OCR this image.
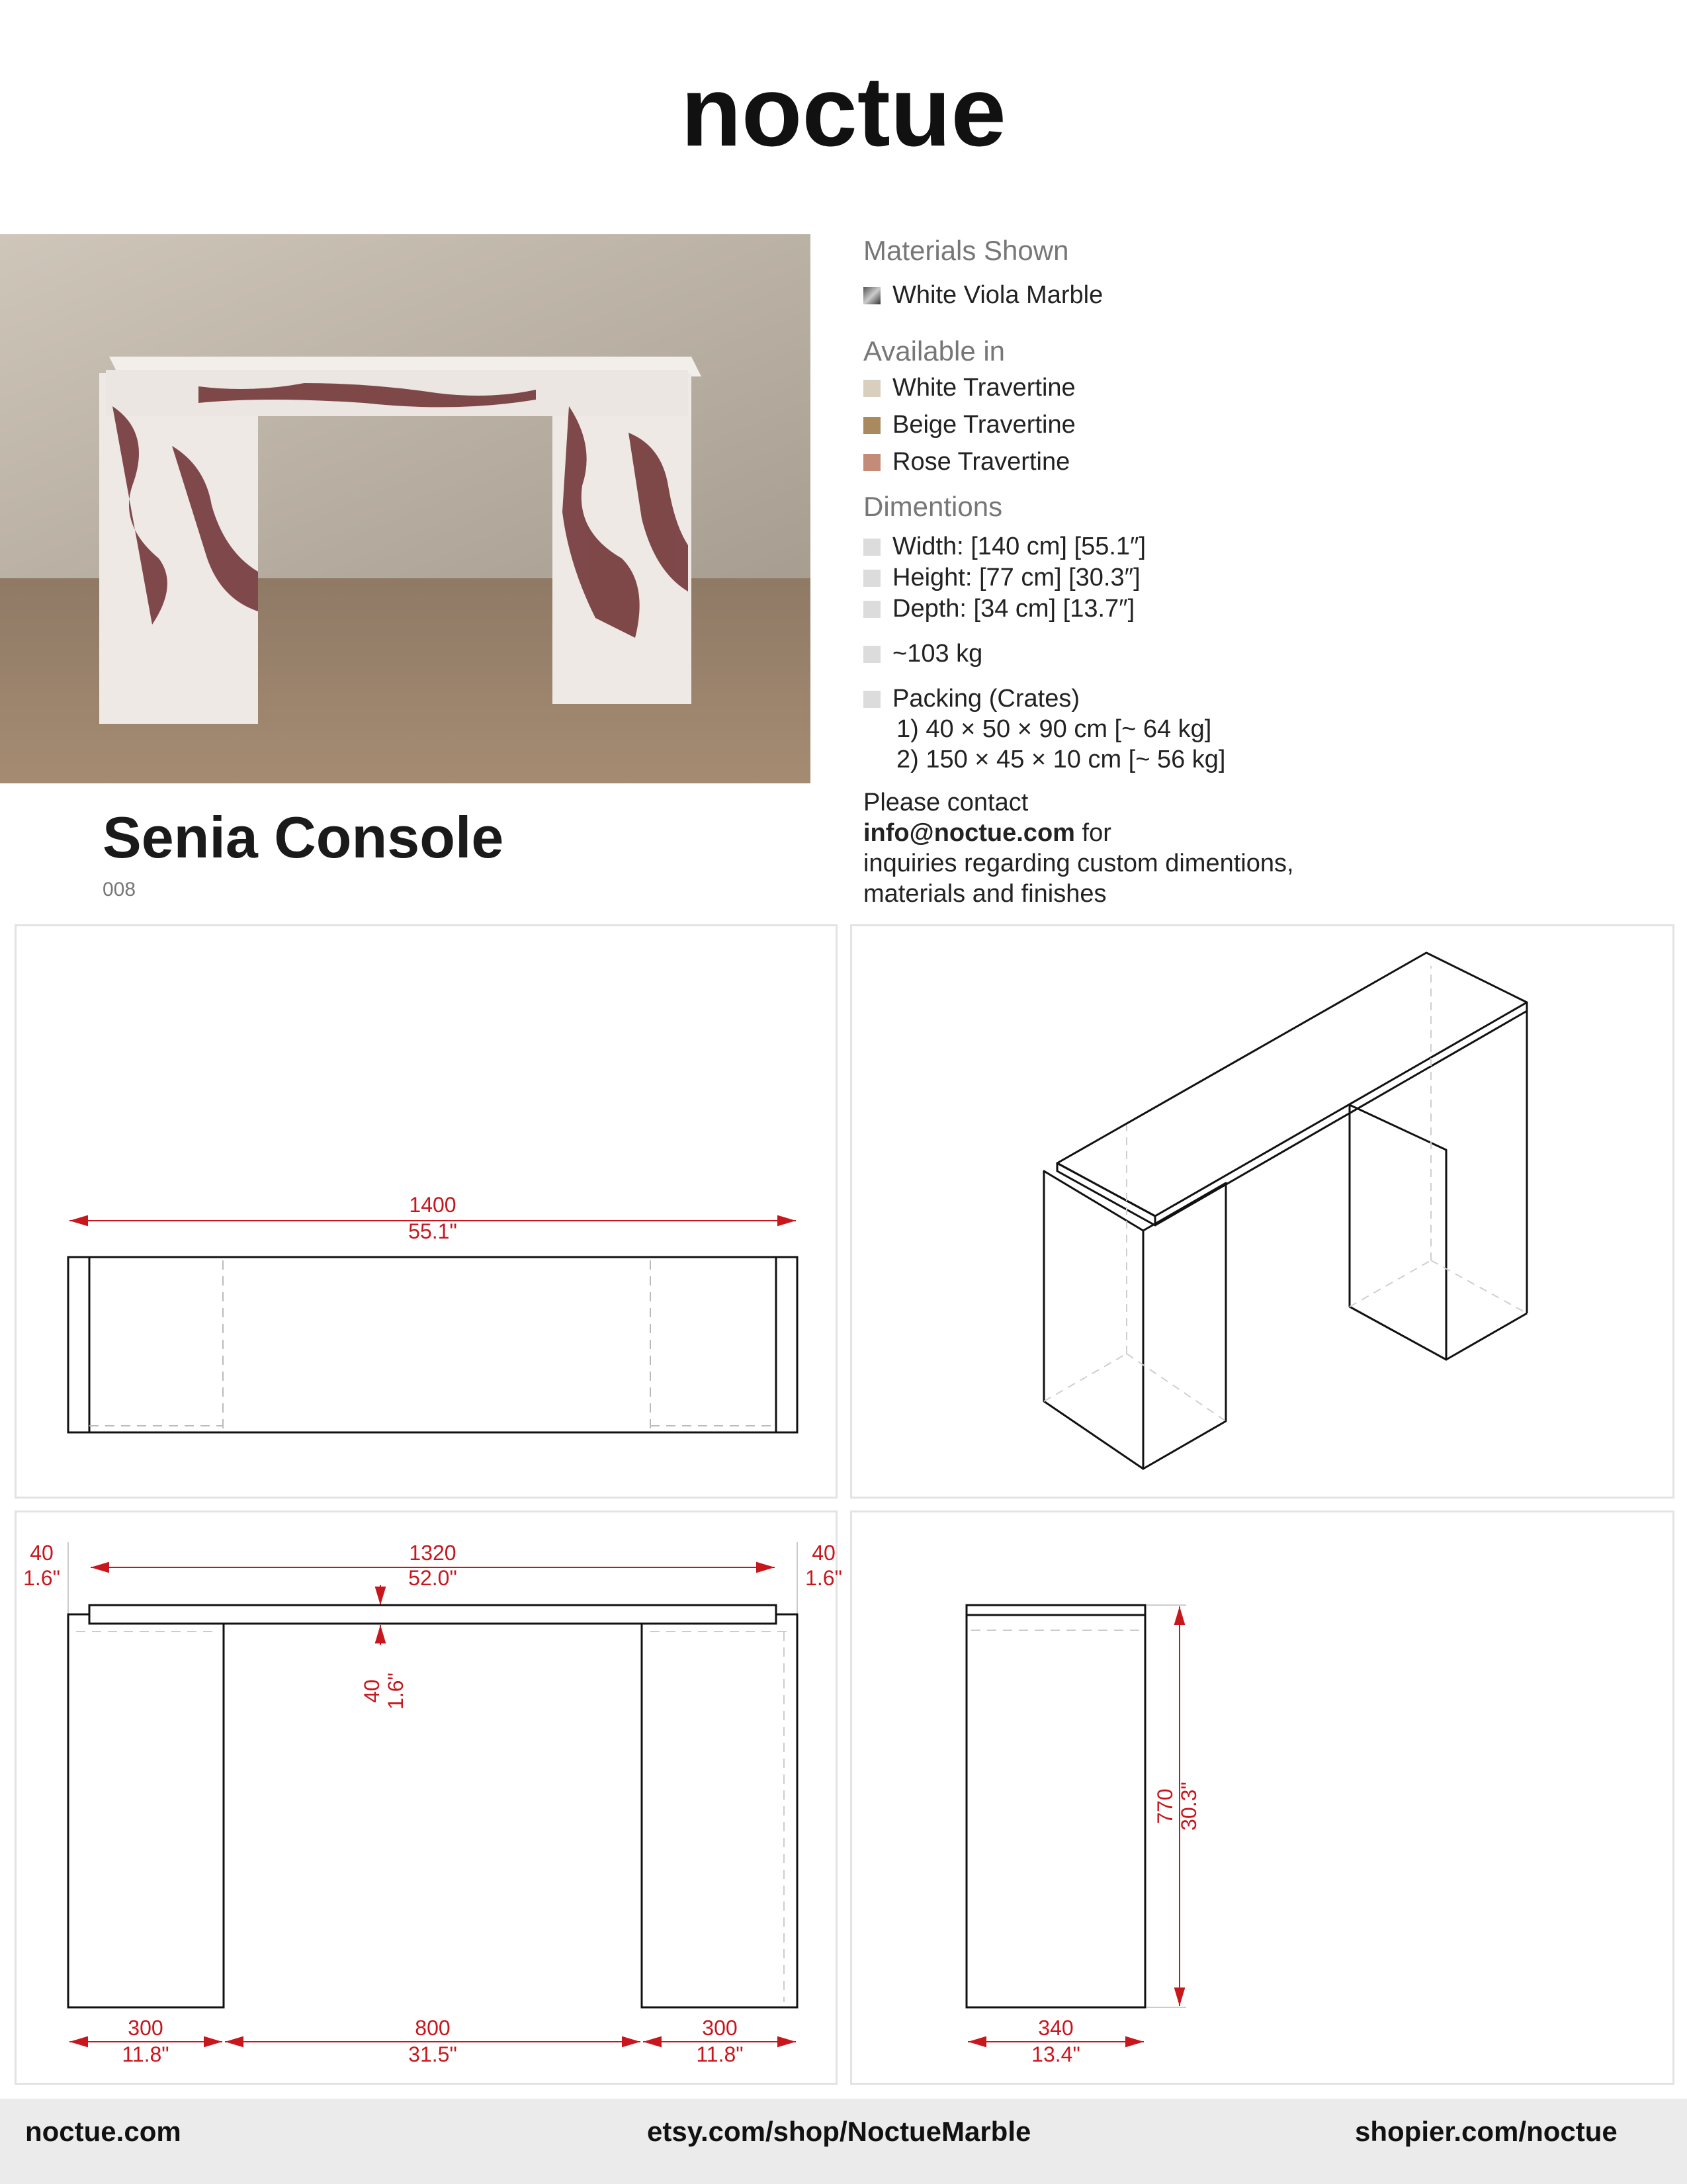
noctue
Senia Console
008
Materials Shown
White Viola Marble
Available in
White Travertine
Beige Travertine
Rose Travertine
Dimentions
Width: [140 cm] [55.1″]
Height: [77 cm] [30.3″]
Depth: [34 cm] [13.7″]
~103 kg
Packing (Crates)
1) 40 × 50 × 90 cm [~ 64 kg]
2) 150 × 45 × 10 cm [~ 56 kg]
Please contact
info@noctue.com for
inquiries regarding custom dimentions,
materials and finishes
1400
55.1"
40
1.6"
1320
52.0"
40
1.6"
40 1.6"
300
11.8"
800
31.5"
300
11.8"
770 30.3"
340
13.4"
noctue.com	etsy.com/shop/NoctueMarble	shopier.com/noctue
